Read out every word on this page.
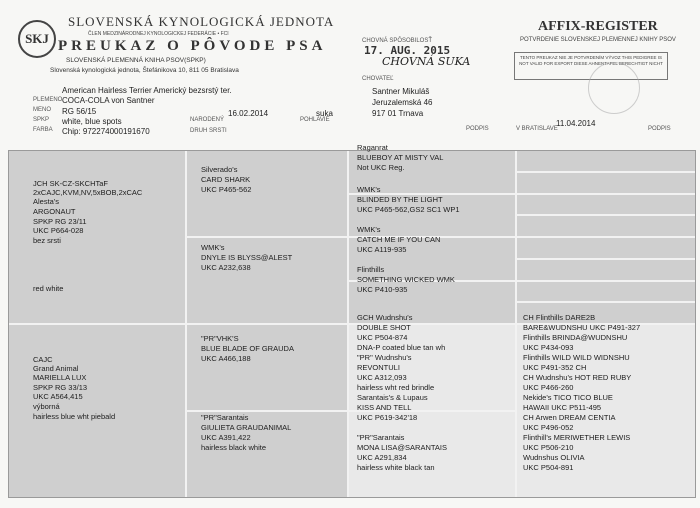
SKJ
SLOVENSKÁ KYNOLOGICKÁ JEDNOTA
ČLEN MEDZINÁRODNEJ KYNOLOGICKEJ FEDERÁCIE • FCI
PREUKAZ O PÔVODE PSA
SLOVENSKÁ PLEMENNÁ KNIHA PSOV(SPKP)
Slovenská kynologická jednota, Štefánikova 10, 811 05 Bratislava
CHOVNÁ SPÔSOBILOSŤ
17. AUG. 2015
CHOVNÁ SUKA
CHOVATEĽ
AFFIX-REGISTER
POTVRDENIE SLOVENSKEJ PLEMENNEJ KNIHY PSOV
TENTO PREUKAZ NIE JE POTVRDENÍM VÝVOZ THIS PEDIGREE IS NOT VALID FOR EXPORT DIESE AHNENTAFEL BERECHTIGT NICHT
PLEMENO
MENO
SPKP
FARBA
American Hairless Terrier Americký bezsrstý ter.
COCA-COLA von Santner
RG 56/15
white, blue spots
Chip: 972274000191670
NARODENÝ
16.02.2014
DRUH SRSTI
suka
POHLAVIE
Santner Mikuláš
Jeruzalemská 46
917 01 Trnava
PODPIS	V BRATISLAVE
11.04.2014
PODPIS
JCH SK-CZ-SKCHTaF
2xCAJC,KVM,NV,5xBOB,2xCAC
Alesta's
ARGONAUT
SPKP RG 23/11
UKC P664-028
bez srsti
red white
CAJC
Grand Animal
MARIELLA LUX
SPKP RG 33/13
UKC A564,415
výborná
hairless blue wht piebald
Silverado's
CARD SHARK
UKC P465-562
WMK's
DNYLE IS BLYSS@ALEST
UKC A232,638
"PR"VHK'S
BLUE BLADE OF GRAUDA
UKC A466,188
"PR"Sarantais
GIULIETA GRAUDANIMAL
UKC A391,422
hairless black white
Raganrat
BLUEBOY AT MISTY VAL
Not UKC Reg.
WMK's
BLINDED BY THE LIGHT
UKC P465-562,GS2 SC1 WP1
WMK's
CATCH ME IF YOU CAN
UKC A119-935
Flinthills
SOMETHING WICKED WMK
UKC P410-935
GCH Wudnshu's
DOUBLE SHOT
UKC P504-874
DNA-P coated blue tan wh
"PR" Wudnshu's
REVONTULI
UKC A312,093
hairless wht red brindle
Sarantais's & Lupaus
KISS AND TELL
UKC P619-342'18
"PR"Sarantais
MONA LISA@SARANTAIS
UKC A291,834
hairless white black tan
CH Flinthills DARE2B
BARE&WUDNSHU UKC P491-327
Flinthills BRINDA@WUDNSHU
UKC P434-093
Flinthills WILD WILD WIDNSHU
UKC P491-352 CH
CH Wudnshu's HOT RED RUBY
UKC P466-260
Nekide's TICO TICO BLUE
HAWAII UKC P511-495
CH Arwen DREAM CENTIA
UKC P496-052
Flinthill's MERIWETHER LEWIS
UKC P506-210
Wudnshus OLIVIA
UKC P504-891
